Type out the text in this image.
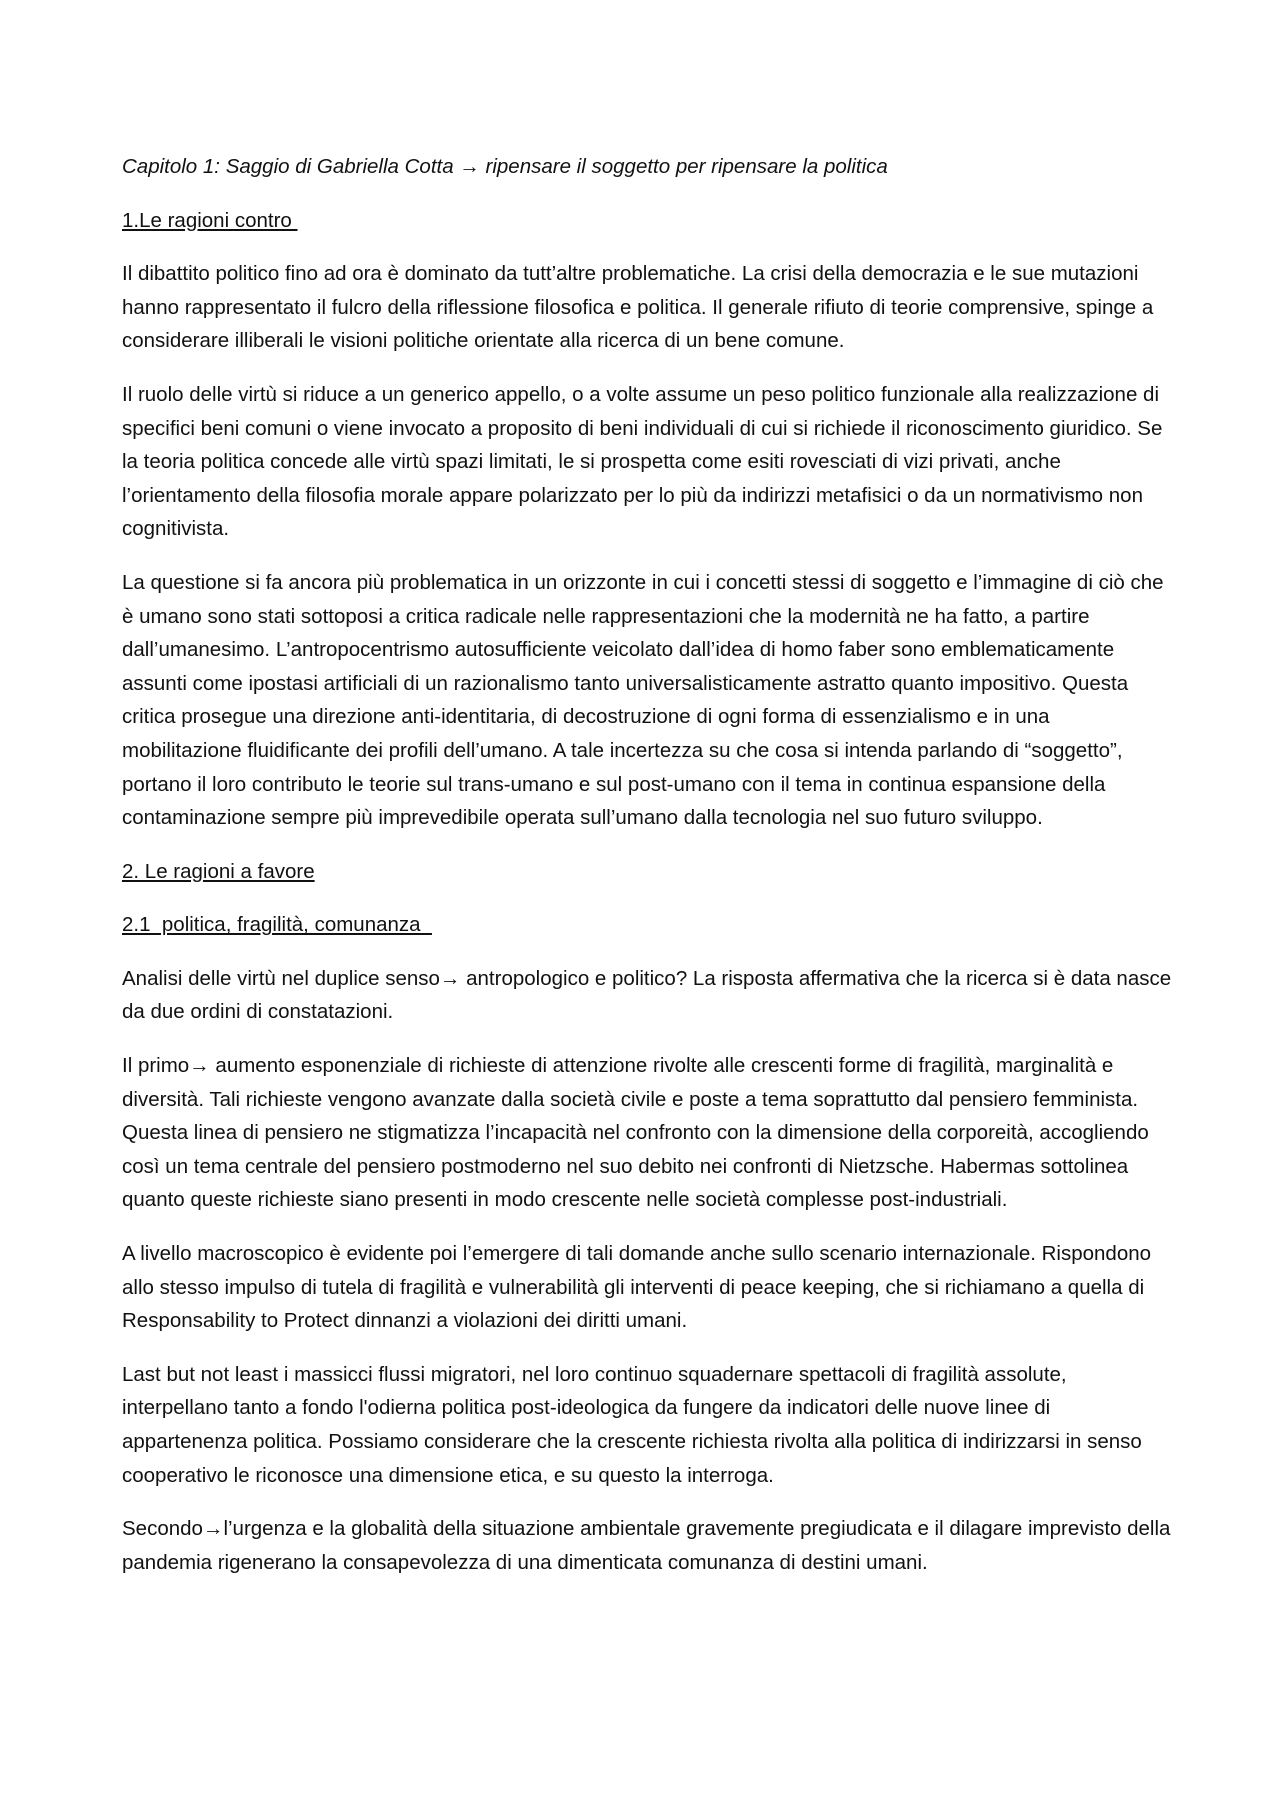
Capitolo 1: Saggio di Gabriella Cotta → ripensare il soggetto per ripensare la politica

1.Le ragioni contro

Il dibattito politico fino ad ora è dominato da tutt’altre problematiche. La crisi della democrazia e le sue mutazioni hanno rappresentato il fulcro della riflessione filosofica e politica. Il generale rifiuto di teorie comprensive, spinge a considerare illiberali le visioni politiche orientate alla ricerca di un bene comune.

Il ruolo delle virtù si riduce a un generico appello, o a volte assume un peso politico funzionale alla realizzazione di specifici beni comuni o viene invocato a proposito di beni individuali di cui si richiede il riconoscimento giuridico. Se la teoria politica concede alle virtù spazi limitati, le si prospetta come esiti rovesciati di vizi privati, anche l’orientamento della filosofia morale appare polarizzato per lo più da indirizzi metafisici o da un normativismo non cognitivista.

La questione si fa ancora più problematica in un orizzonte in cui i concetti stessi di soggetto e l’immagine di ciò che è umano sono stati sottoposi a critica radicale nelle rappresentazioni che la modernità ne ha fatto, a partire dall’umanesimo. L’antropocentrismo autosufficiente veicolato dall’idea di homo faber sono emblematicamente assunti come ipostasi artificiali di un razionalismo tanto universalisticamente astratto quanto impositivo. Questa critica prosegue una direzione anti-identitaria, di decostruzione di ogni forma di essenzialismo e in una mobilitazione fluidificante dei profili dell’umano. A tale incertezza su che cosa si intenda parlando di “soggetto”, portano il loro contributo le teorie sul trans-umano e sul post-umano con il tema in continua espansione della contaminazione sempre più imprevedibile operata sull’umano dalla tecnologia nel suo futuro sviluppo.

2. Le ragioni a favore

2.1  politica, fragilità, comunanza

Analisi delle virtù nel duplice senso→ antropologico e politico? La risposta affermativa che la ricerca si è data nasce da due ordini di constatazioni.

Il primo→ aumento esponenziale di richieste di attenzione rivolte alle crescenti forme di fragilità, marginalità e diversità. Tali richieste vengono avanzate dalla società civile e poste a tema soprattutto dal pensiero femminista. Questa linea di pensiero ne stigmatizza l’incapacità nel confronto con la dimensione della corporeità, accogliendo così un tema centrale del pensiero postmoderno nel suo debito nei confronti di Nietzsche. Habermas sottolinea quanto queste richieste siano presenti in modo crescente nelle società complesse post-industriali.

A livello macroscopico è evidente poi l’emergere di tali domande anche sullo scenario internazionale. Rispondono allo stesso impulso di tutela di fragilità e vulnerabilità gli interventi di peace keeping, che si richiamano a quella di Responsability to Protect dinnanzi a violazioni dei diritti umani.

Last but not least i massicci flussi migratori, nel loro continuo squadernare spettacoli di fragilità assolute, interpellano tanto a fondo l'odierna politica post-ideologica da fungere da indicatori delle nuove linee di appartenenza politica. Possiamo considerare che la crescente richiesta rivolta alla politica di indirizzarsi in senso cooperativo le riconosce una dimensione etica, e su questo la interroga.

Secondo→l’urgenza e la globalità della situazione ambientale gravemente pregiudicata e il dilagare imprevisto della pandemia rigenerano la consapevolezza di una dimenticata comunanza di destini umani.
